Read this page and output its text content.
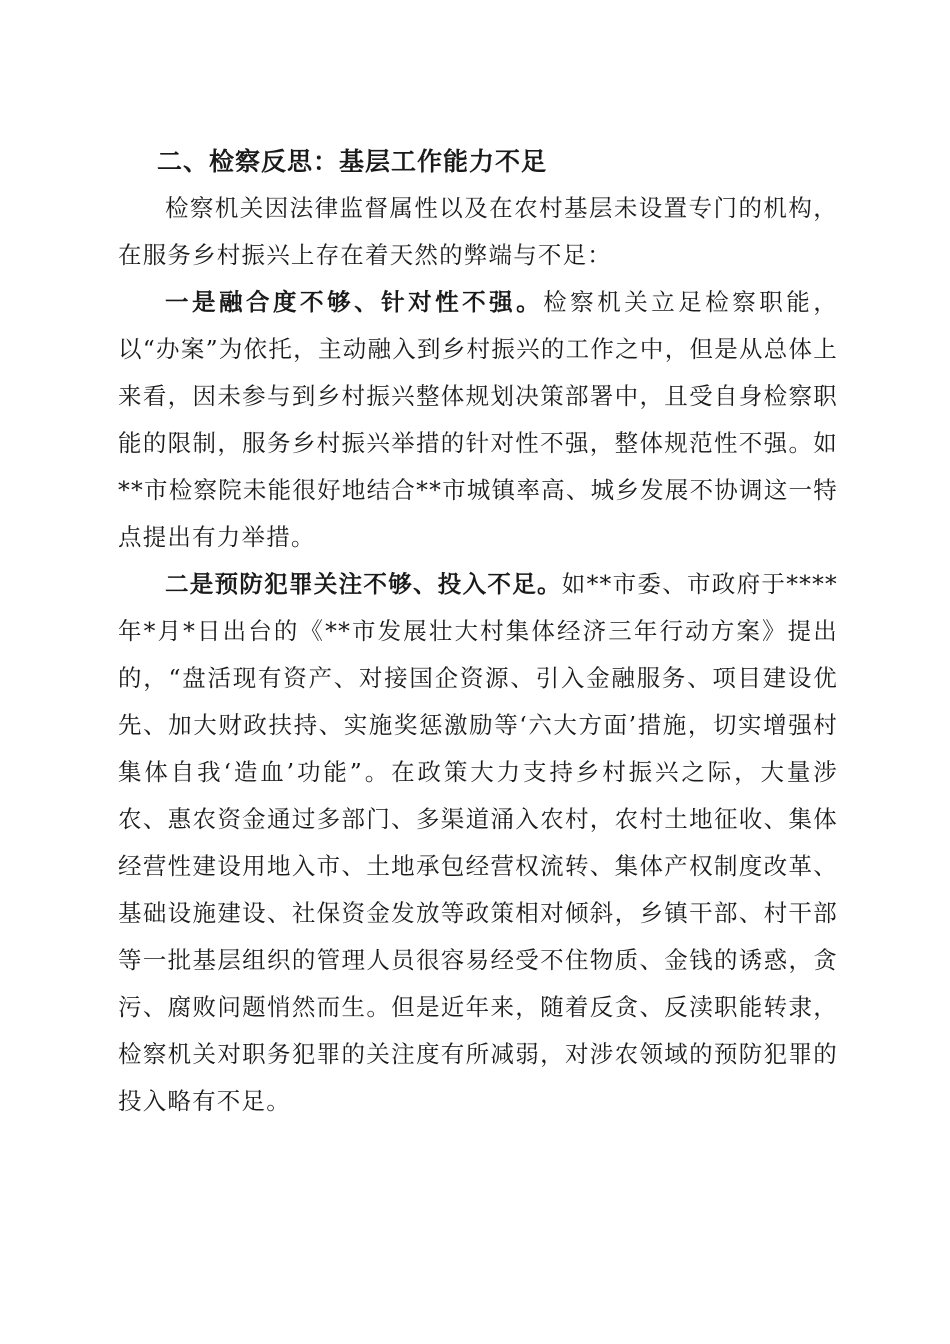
二、检察反思：基层工作能力不足

检察机关因法律监督属性以及在农村基层未设置专门的机构，在服务乡村振兴上存在着天然的弊端与不足：

一是融合度不够、针对性不强。检察机关立足检察职能，以“办案”为依托，主动融入到乡村振兴的工作之中，但是从总体上来看，因未参与到乡村振兴整体规划决策部署中，且受自身检察职能的限制，服务乡村振兴举措的针对性不强，整体规范性不强。如**市检察院未能很好地结合**市城镇率高、城乡发展不协调这一特点提出有力举措。

二是预防犯罪关注不够、投入不足。如**市委、市政府于****年*月*日出台的《**市发展壮大村集体经济三年行动方案》提出的，“盘活现有资产、对接国企资源、引入金融服务、项目建设优先、加大财政扶持、实施奖惩激励等‘六大方面’措施，切实增强村集体自我‘造血’功能”。在政策大力支持乡村振兴之际，大量涉农、惠农资金通过多部门、多渠道涌入农村，农村土地征收、集体经营性建设用地入市、土地承包经营权流转、集体产权制度改革、基础设施建设、社保资金发放等政策相对倾斜，乡镇干部、村干部等一批基层组织的管理人员很容易经受不住物质、金钱的诱惑，贪污、腐败问题悄然而生。但是近年来，随着反贪、反渎职能转隶，检察机关对职务犯罪的关注度有所减弱，对涉农领域的预防犯罪的投入略有不足。
